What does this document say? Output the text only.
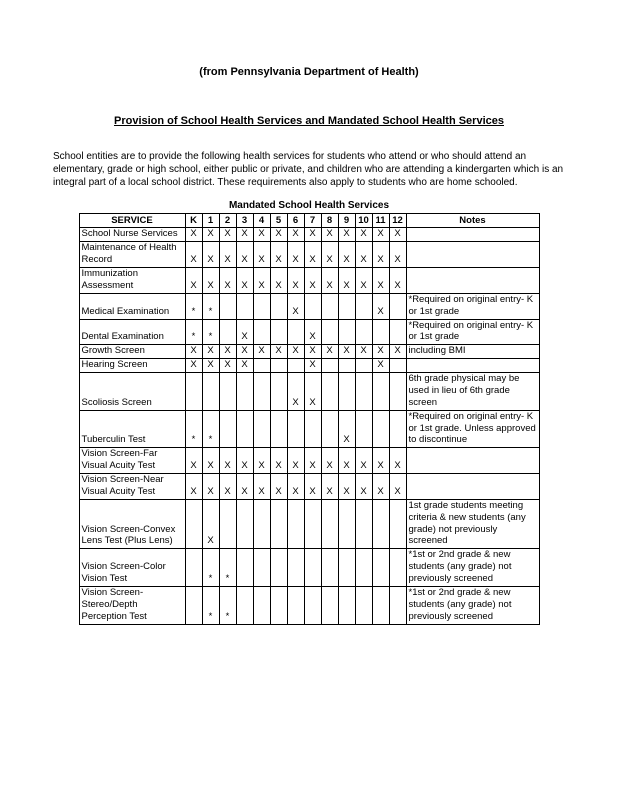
(from Pennsylvania Department of Health)
Provision of School Health Services and Mandated School Health Services

School entities are to provide the following health services for students who attend or who should attend an elementary, grade or high school, either public or private, and children who are attending a kindergarten which is an integral part of a local school district. These requirements also apply to students who are home schooled.

Mandated School Health Services
SERVICE	K	1	2	3	4	5	6	7	8	9	10	11	12	Notes
School Nurse Services	X	X	X	X	X	X	X	X	X	X	X	X	X	
Maintenance of Health Record	X	X	X	X	X	X	X	X	X	X	X	X	X	
Immunization Assessment	X	X	X	X	X	X	X	X	X	X	X	X	X	
Medical Examination	*	*					X					X		*Required on original entry- K or 1st grade
Dental Examination	*	*		X				X						*Required on original entry- K or 1st grade
Growth Screen	X	X	X	X	X	X	X	X	X	X	X	X	X	including BMI
Hearing Screen	X	X	X	X				X				X		
Scoliosis Screen							X	X						6th grade physical may be used in lieu of 6th grade screen
Tuberculin Test	*	*								X				*Required on original entry- K or 1st grade. Unless approved to discontinue
Vision Screen-Far Visual Acuity Test	X	X	X	X	X	X	X	X	X	X	X	X	X	
Vision Screen-Near Visual Acuity Test	X	X	X	X	X	X	X	X	X	X	X	X	X	
Vision Screen-Convex Lens Test (Plus Lens)		X												1st grade students meeting criteria & new students (any grade) not previously screened
Vision Screen-Color Vision Test		*	*											*1st or 2nd grade & new students (any grade) not previously screened
Vision Screen-Stereo/Depth Perception Test		*	*											*1st or 2nd grade & new students (any grade) not previously screened
